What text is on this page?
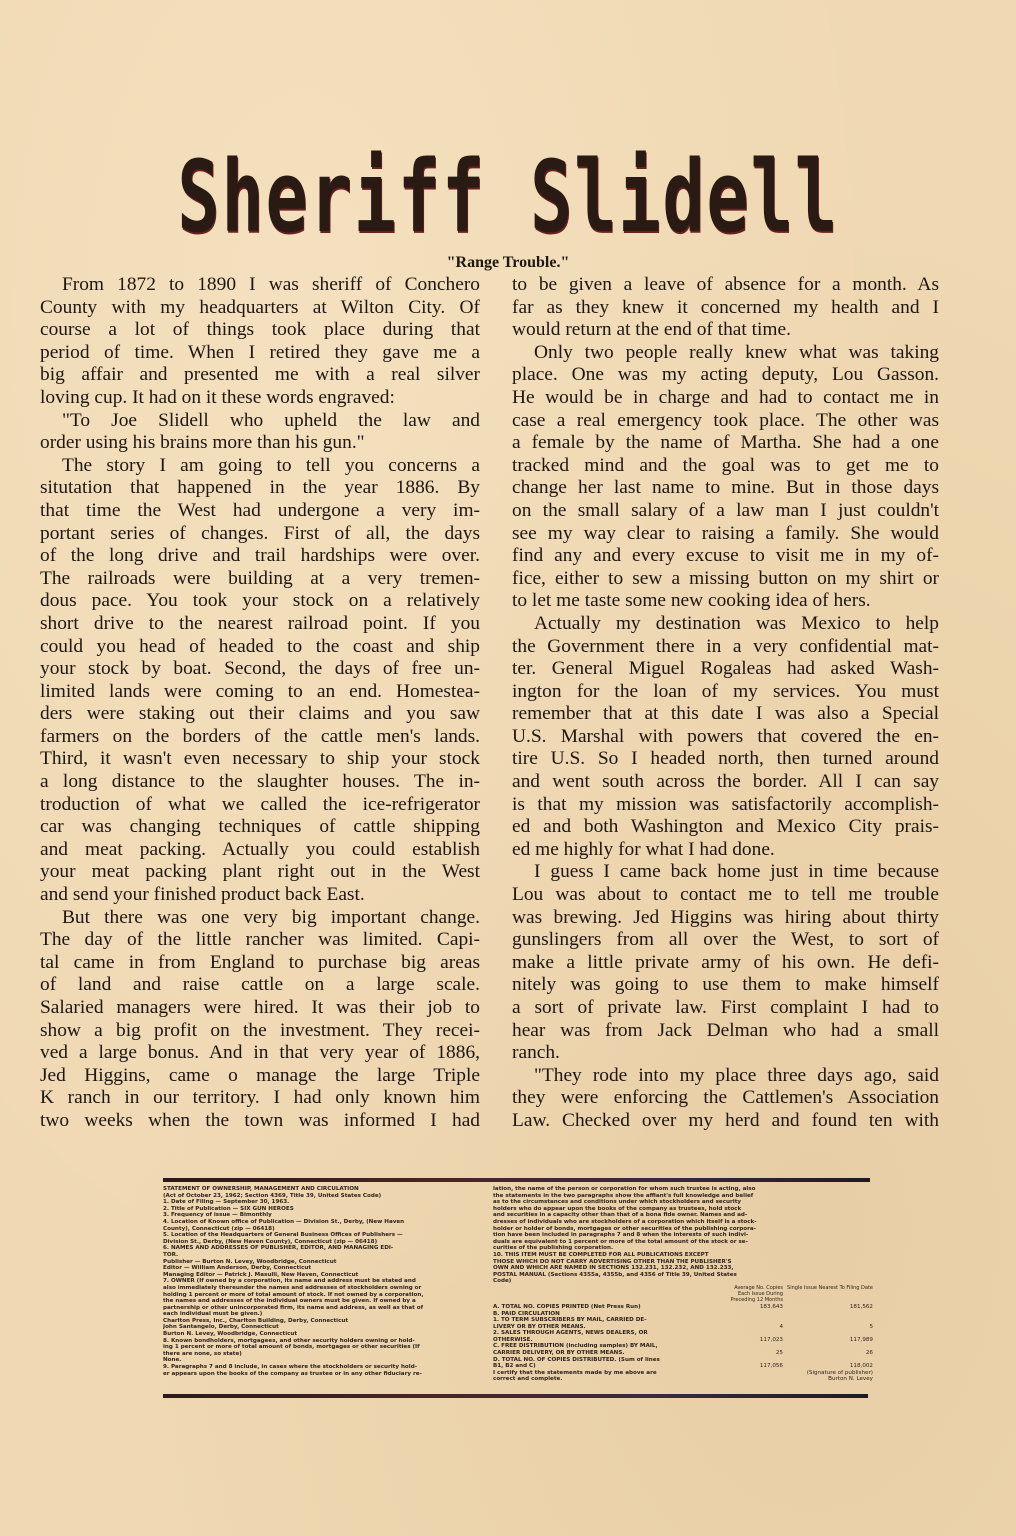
Sheriff Slidell
"Range Trouble."
From 1872 to 1890 I was sheriff of Conchero
County with my headquarters at Wilton City. Of
course a lot of things took place during that
period of time. When I retired they gave me a
big affair and presented me with a real silver
loving cup. It had on it these words engraved:
"To Joe Slidell who upheld the law and
order using his brains more than his gun."
The story I am going to tell you concerns a
situtation that happened in the year 1886. By
that time the West had undergone a very im-
portant series of changes. First of all, the days
of the long drive and trail hardships were over.
The railroads were building at a very tremen-
dous pace. You took your stock on a relatively
short drive to the nearest railroad point. If you
could you head of headed to the coast and ship
your stock by boat. Second, the days of free un-
limited lands were coming to an end. Homestea-
ders were staking out their claims and you saw
farmers on the borders of the cattle men's lands.
Third, it wasn't even necessary to ship your stock
a long distance to the slaughter houses. The in-
troduction of what we called the ice-refrigerator
car was changing techniques of cattle shipping
and meat packing. Actually you could establish
your meat packing plant right out in the West
and send your finished product back East.
But there was one very big important change.
The day of the little rancher was limited. Capi-
tal came in from England to purchase big areas
of land and raise cattle on a large scale.
Salaried managers were hired. It was their job to
show a big profit on the investment. They recei-
ved a large bonus. And in that very year of 1886,
Jed Higgins, came o manage the large Triple
K ranch in our territory. I had only known him
two weeks when the town was informed I had
to be given a leave of absence for a month. As
far as they knew it concerned my health and I
would return at the end of that time.
Only two people really knew what was taking
place. One was my acting deputy, Lou Gasson.
He would be in charge and had to contact me in
case a real emergency took place. The other was
a female by the name of Martha. She had a one
tracked mind and the goal was to get me to
change her last name to mine. But in those days
on the small salary of a law man I just couldn't
see my way clear to raising a family. She would
find any and every excuse to visit me in my of-
fice, either to sew a missing button on my shirt or
to let me taste some new cooking idea of hers.
Actually my destination was Mexico to help
the Government there in a very confidential mat-
ter. General Miguel Rogaleas had asked Wash-
ington for the loan of my services. You must
remember that at this date I was also a Special
U.S. Marshal with powers that covered the en-
tire U.S. So I headed north, then turned around
and went south across the border. All I can say
is that my mission was satisfactorily accomplish-
ed and both Washington and Mexico City prais-
ed me highly for what I had done.
I guess I came back home just in time because
Lou was about to contact me to tell me trouble
was brewing. Jed Higgins was hiring about thirty
gunslingers from all over the West, to sort of
make a little private army of his own. He defi-
nitely was going to use them to make himself
a sort of private law. First complaint I had to
hear was from Jack Delman who had a small
ranch.
"They rode into my place three days ago, said
they were enforcing the Cattlemen's Association
Law. Checked over my herd and found ten with
STATEMENT OF OWNERSHIP, MANAGEMENT AND CIRCULATION
(Act of October 23, 1962; Section 4369, Title 39, United States Code)
1. Date of Filing — September 30, 1963.
2. Title of Publication — SIX GUN HEROES
3. Frequency of issue — Bimonthly
4. Location of Known office of Publication — Division St., Derby, (New Haven
County), Connecticut (zip — 06418)
5. Location of the Headquarters of General Business Offices of Publishers —
Division St., Derby, (New Haven County), Connecticut (zip — 06418)
6. NAMES AND ADDRESSES OF PUBLISHER, EDITOR, AND MANAGING EDI-
TOR.
Publisher — Burton N. Levey, Woodbridge, Connecticut
Editor — William Anderson, Derby, Connecticut
Managing Editor — Patrick J. Masulli, New Haven, Connecticut
7. OWNER (If owned by a corporation, its name and address must be stated and
also immediately thereunder the names and addresses of stockholders owning or
holding 1 percent or more of total amount of stock. If not owned by a corporation,
the names and addresses of the individual owners must be given. If owned by a
partnership or other unincorporated firm, its name and address, as well as that of
each individual must be given.)
Charlton Press, Inc., Charlton Building, Derby, Connecticut
John Santangelo, Derby, Connecticut
Burton N. Levey, Woodbridge, Connecticut
8. Known bondholders, mortgagees, and other security holders owning or hold-
ing 1 percent or more of total amount of bonds, mortgages or other securities (If
there are none, so state)
None.
9. Paragraphs 7 and 8 include, in cases where the stockholders or security hold-
er appears upon the books of the company as trustee or in any other fiduciary re-
lation, the name of the person or corporation for whom such trustee is acting, also
the statements in the two paragraphs show the affiant's full knowledge and belief
as to the circumstances and conditions under which stockholders and security
holders who do appear upon the books of the company as trustees, hold stock
and securities in a capacity other than that of a bona fide owner. Names and ad-
dresses of individuals who are stockholders of a corporation which itself is a stock-
holder or holder of bonds, mortgages or other securities of the publishing corpora-
tion have been included in paragraphs 7 and 8 when the interests of such indivi-
duals are equivalent to 1 percent or more of the total amount of the stock or se-
curities of the publishing corporation.
10. THIS ITEM MUST BE COMPLETED FOR ALL PUBLICATIONS EXCEPT
THOSE WHICH DO NOT CARRY ADVERTISING OTHER THAN THE PUBLISHER'S
OWN AND WHICH ARE NAMED IN SECTIONS 132.231, 132.232, AND 132.233,
POSTAL MANUAL (Sections 4355a, 4355b, and 4356 of Title 39, United States
Code)
Average No. Copies Each Issue During Preceding 12 Months
Single Issue Nearest To Filing Date
A. TOTAL NO. COPIES PRINTED (Net Press Run)	183,643	181,562
B. PAID CIRCULATION
1. TO TERM SUBSCRIBERS BY MAIL, CARRIED DE-
LIVERY OR BY OTHER MEANS.	4	5
2. SALES THROUGH AGENTS, NEWS DEALERS, OR
OTHERWISE.	117,023	117,989
C. FREE DISTRIBUTION (including samples) BY MAIL,
CARRIER DELIVERY, OR BY OTHER MEANS.	25	26
D. TOTAL NO. OF COPIES DISTRIBUTED. (Sum of lines
B1, B2 and C)	117,056	118,002
I certify that the statements made by me above are	(Signature of publisher)
correct and complete.	Burton N. Levey
